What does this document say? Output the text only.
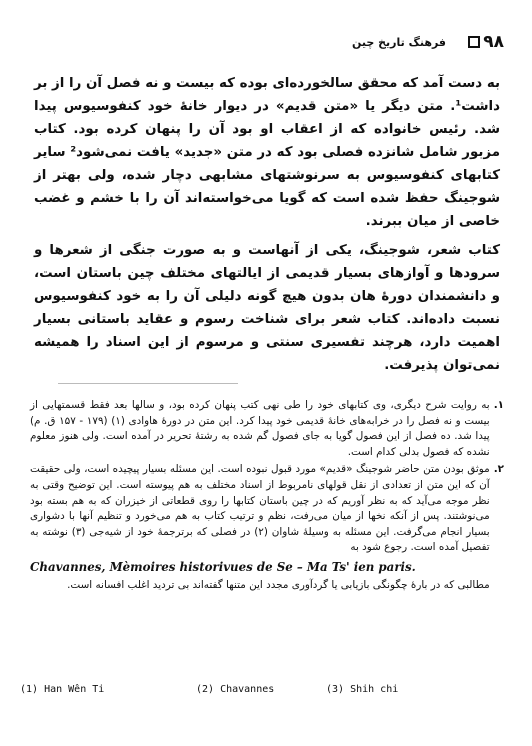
۹۸
فرهنگ تاریخ چین

به دست آمد که محقق سالخورده‌ای بوده که بیست و نه فصل آن را از بر داشت¹. متن دیگر یا «متن قدیم» در دیوار خانهٔ خود کنفوسیوس پیدا شد. رئیس خانواده که از اعقاب او بود آن را پنهان کرده بود. کتاب مزبور شامل شانزده فصلی بود که در متن «جدید» یافت نمی‌شود² سایر کتابهای کنفوسیوس به سرنوشتهای مشابهی دچار شده، ولی بهتر از شوجینگ حفظ شده است که گویا می‌خواسته‌اند آن را با خشم و غضب خاصی از میان ببرند.

کتاب شعر، شوجینگ، یکی از آنهاست و به صورت جنگی از شعرها و سرودها و آوازهای بسیار قدیمی از ایالتهای مختلف چین باستان است، و دانشمندان دورهٔ هان بدون هیچ گونه دلیلی آن را به خود کنفوسیوس نسبت داده‌اند. کتاب شعر برای شناخت رسوم و عقاید باستانی بسیار اهمیت دارد، هرچند تفسیری سنتی و مرسوم از این اسناد را همیشه نمی‌توان پذیرفت.

۱.
به روایت شرح دیگری، وی کتابهای خود را طی نهی کتب پنهان کرده بود، و سالها بعد فقط قسمتهایی از بیست و نه فصل را در خرابه‌های خانهٔ قدیمی خود پیدا کرد. این متن در دورهٔ هاوادی (۱) (۱۷۹ - ۱۵۷ ق. م) پیدا شد. ده فصل از این فصول گویا به جای فصول گم شده به رشتهٔ تحریر در آمده است. ولی هنوز معلوم نشده که فصول بدلی کدام است.
۲.
موثق بودن متن حاضر شوجینگ «قدیم» مورد قبول نبوده است. این مسئله بسیار پیچیده است، ولی حقیقت آن که این متن از تعدادی از نقل قولهای نامربوط از اسناد مختلف به هم پیوسته است. این توضیح وقتی به نظر موجه می‌آید که به نظر آوریم که در چین باستان کتابها را روی قطعاتی از خیزران که به هم بسته بود می‌نوشتند. پس از آنکه نخها از میان می‌رفت، نظم و ترتیب کتاب به هم می‌خورد و تنظیم آنها با دشواری بسیار انجام می‌گرفت. این مسئله به وسیلهٔ شاوان (۲) در فصلی که برترجمهٔ خود از شیه‌جی (۳) نوشته به تفصیل آمده است. رجوع شود به
Chavannes, Mèmoires historivues de Se – Ma Ts' ien paris.
مطالبی که در بارهٔ چگونگی بازیابی یا گردآوری مجدد این متنها گفته‌اند بی تردید اغلب افسانه است.
(1) Han Wên Ti	(2) Chavannes	(3) Shih chi
